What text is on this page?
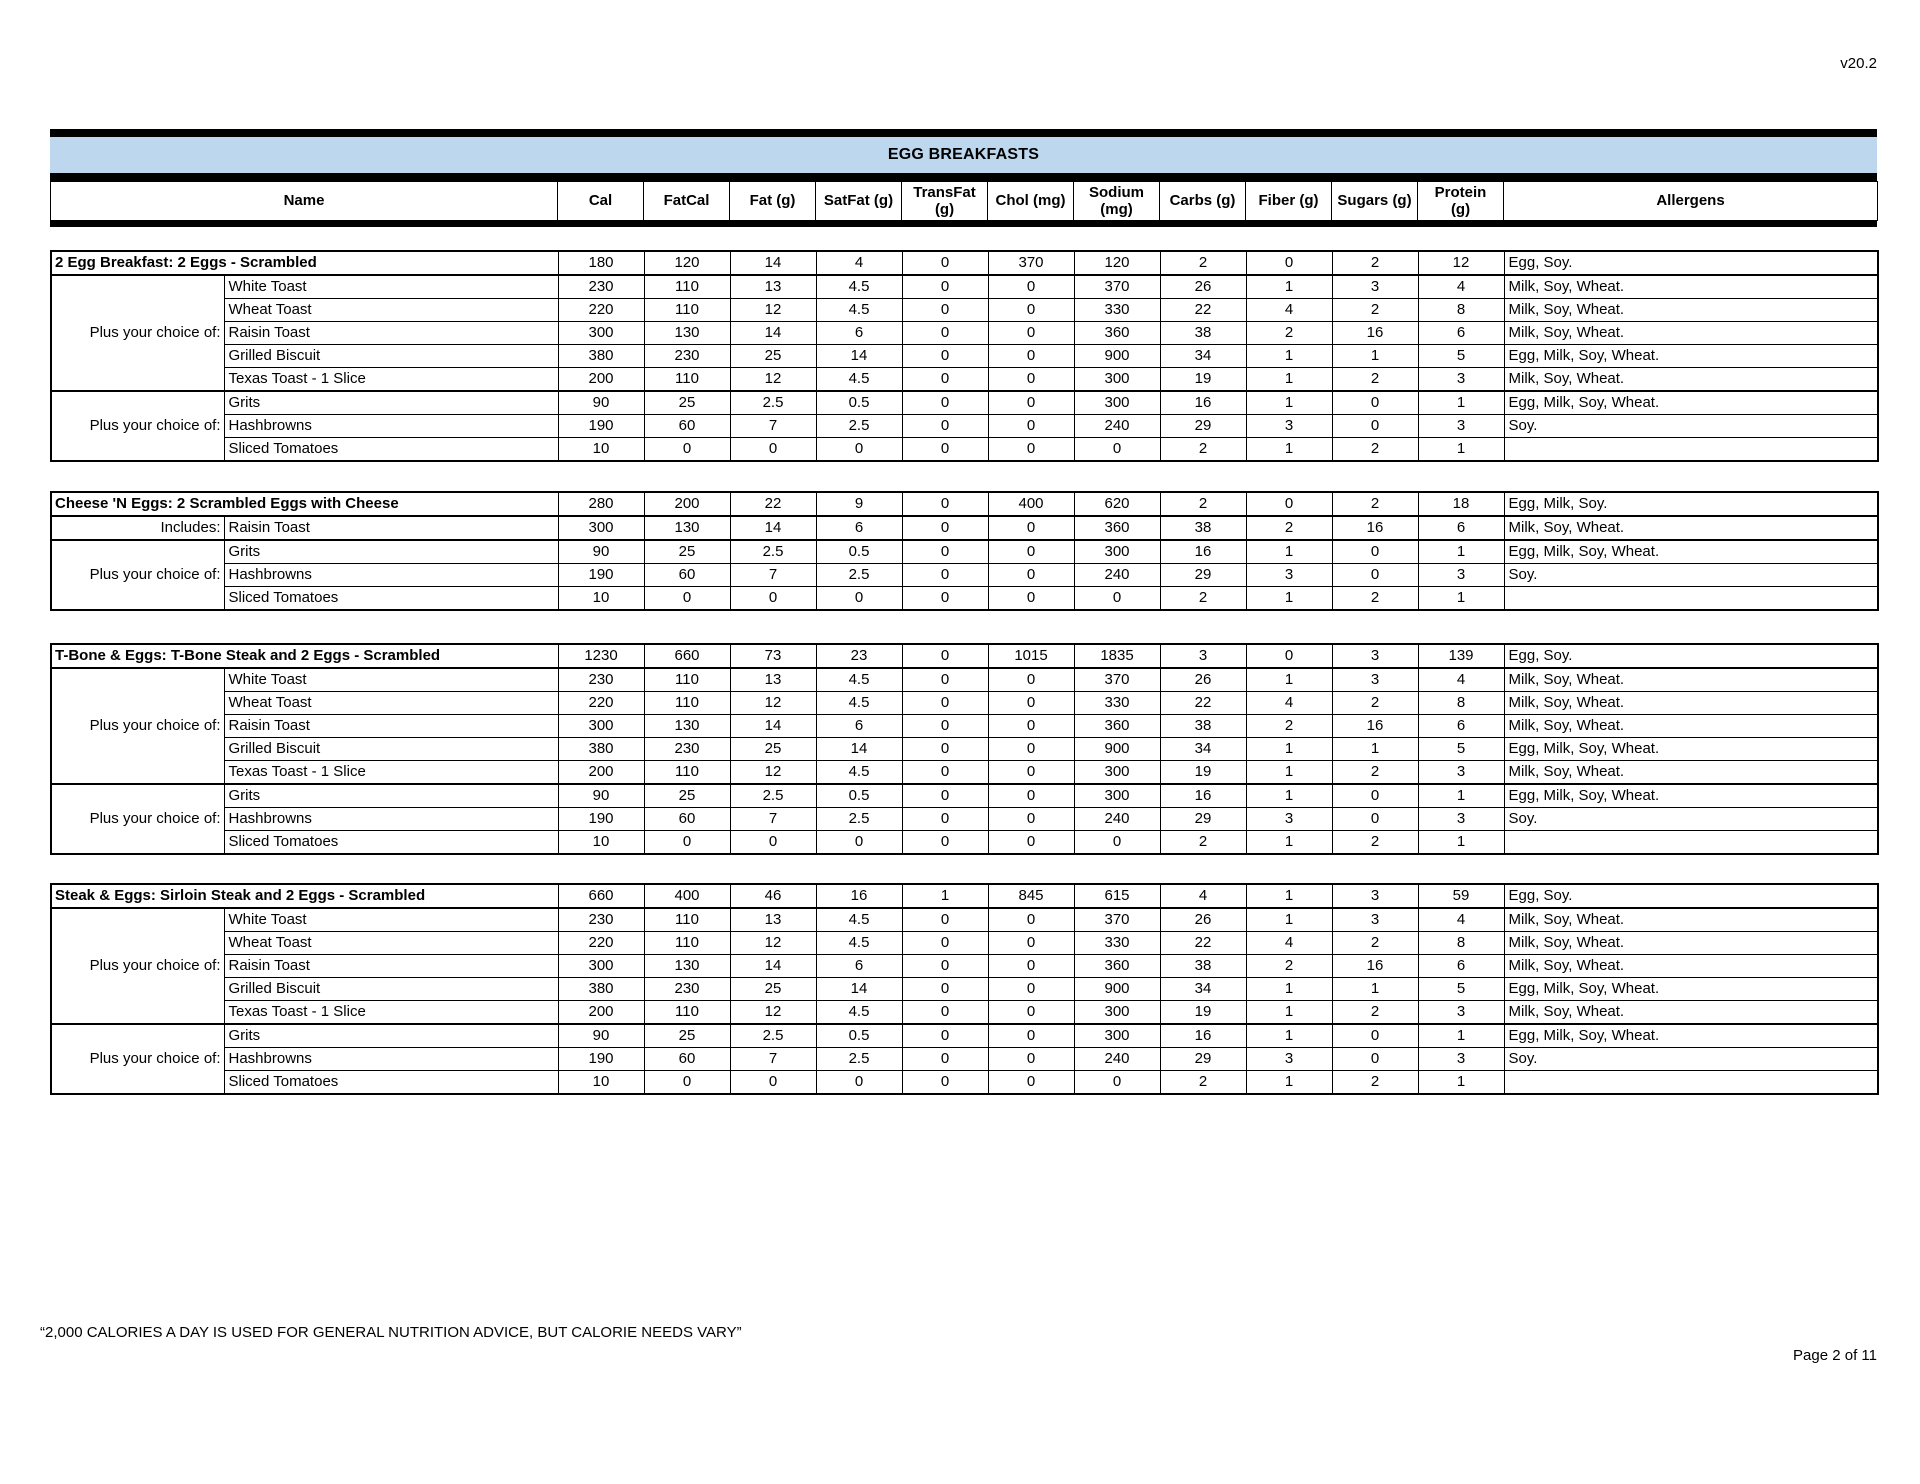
v20.2
EGG BREAKFASTS
Name	Cal	FatCal	Fat (g)	SatFat (g)	TransFat (g)	Chol (mg)	Sodium (mg)	Carbs (g)	Fiber (g)	Sugars (g)	Protein (g)	Allergens
2 Egg Breakfast: 2 Eggs - Scrambled		180	120	14	4	0	370	120	2	0	2	12	Egg, Soy.
Plus your choice of:	White Toast	230	110	13	4.5	0	0	370	26	1	3	4	Milk, Soy, Wheat.
	Wheat Toast	220	110	12	4.5	0	0	330	22	4	2	8	Milk, Soy, Wheat.
	Raisin Toast	300	130	14	6	0	0	360	38	2	16	6	Milk, Soy, Wheat.
	Grilled Biscuit	380	230	25	14	0	0	900	34	1	1	5	Egg, Milk, Soy, Wheat.
	Texas Toast - 1 Slice	200	110	12	4.5	0	0	300	19	1	2	3	Milk, Soy, Wheat.
Plus your choice of:	Grits	90	25	2.5	0.5	0	0	300	16	1	0	1	Egg, Milk, Soy, Wheat.
	Hashbrowns	190	60	7	2.5	0	0	240	29	3	0	3	Soy.
	Sliced Tomatoes	10	0	0	0	0	0	0	2	1	2	1	
Cheese 'N Eggs: 2 Scrambled Eggs with Cheese		280	200	22	9	0	400	620	2	0	2	18	Egg, Milk, Soy.
Includes:	Raisin Toast	300	130	14	6	0	0	360	38	2	16	6	Milk, Soy, Wheat.
Plus your choice of:	Grits	90	25	2.5	0.5	0	0	300	16	1	0	1	Egg, Milk, Soy, Wheat.
	Hashbrowns	190	60	7	2.5	0	0	240	29	3	0	3	Soy.
	Sliced Tomatoes	10	0	0	0	0	0	0	2	1	2	1	
T-Bone & Eggs: T-Bone Steak and 2 Eggs - Scrambled		1230	660	73	23	0	1015	1835	3	0	3	139	Egg, Soy.
Plus your choice of:	White Toast	230	110	13	4.5	0	0	370	26	1	3	4	Milk, Soy, Wheat.
	Wheat Toast	220	110	12	4.5	0	0	330	22	4	2	8	Milk, Soy, Wheat.
	Raisin Toast	300	130	14	6	0	0	360	38	2	16	6	Milk, Soy, Wheat.
	Grilled Biscuit	380	230	25	14	0	0	900	34	1	1	5	Egg, Milk, Soy, Wheat.
	Texas Toast - 1 Slice	200	110	12	4.5	0	0	300	19	1	2	3	Milk, Soy, Wheat.
Plus your choice of:	Grits	90	25	2.5	0.5	0	0	300	16	1	0	1	Egg, Milk, Soy, Wheat.
	Hashbrowns	190	60	7	2.5	0	0	240	29	3	0	3	Soy.
	Sliced Tomatoes	10	0	0	0	0	0	0	2	1	2	1	
Steak & Eggs: Sirloin Steak and 2 Eggs - Scrambled		660	400	46	16	1	845	615	4	1	3	59	Egg, Soy.
Plus your choice of:	White Toast	230	110	13	4.5	0	0	370	26	1	3	4	Milk, Soy, Wheat.
	Wheat Toast	220	110	12	4.5	0	0	330	22	4	2	8	Milk, Soy, Wheat.
	Raisin Toast	300	130	14	6	0	0	360	38	2	16	6	Milk, Soy, Wheat.
	Grilled Biscuit	380	230	25	14	0	0	900	34	1	1	5	Egg, Milk, Soy, Wheat.
	Texas Toast - 1 Slice	200	110	12	4.5	0	0	300	19	1	2	3	Milk, Soy, Wheat.
Plus your choice of:	Grits	90	25	2.5	0.5	0	0	300	16	1	0	1	Egg, Milk, Soy, Wheat.
	Hashbrowns	190	60	7	2.5	0	0	240	29	3	0	3	Soy.
	Sliced Tomatoes	10	0	0	0	0	0	0	2	1	2	1	
“2,000 CALORIES A DAY IS USED FOR GENERAL NUTRITION ADVICE, BUT CALORIE NEEDS VARY”
Page 2 of 11
